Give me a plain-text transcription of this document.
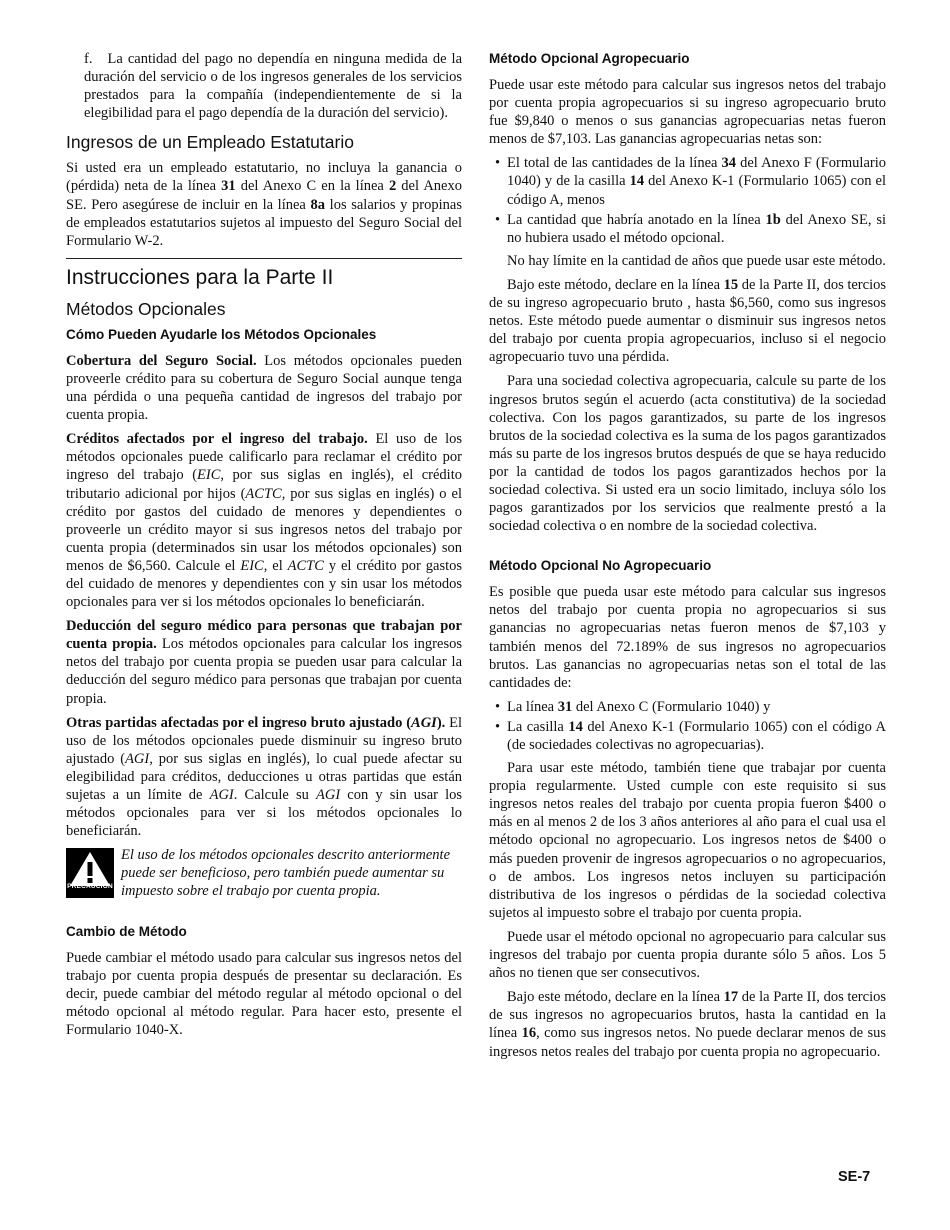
f. La cantidad del pago no dependía en ninguna medida de la duración del servicio o de los ingresos generales de los servicios prestados para la compañía (independientemente de si la elegibilidad para el pago dependía de la duración del servicio).

Ingresos de un Empleado Estatutario

Si usted era un empleado estatutario, no incluya la ganancia o (pérdida) neta de la línea 31 del Anexo C en la línea 2 del Anexo SE. Pero asegúrese de incluir en la línea 8a los salarios y propinas de empleados estatutarios sujetos al impuesto del Seguro Social del Formulario W-2.

Instrucciones para la Parte II
Métodos Opcionales
Cómo Pueden Ayudarle los Métodos Opcionales

Cobertura del Seguro Social. Los métodos opcionales pueden proveerle crédito para su cobertura de Seguro Social aunque tenga una pérdida o una pequeña cantidad de ingresos del trabajo por cuenta propia.

Créditos afectados por el ingreso del trabajo. El uso de los métodos opcionales puede calificarlo para reclamar el crédito por ingreso del trabajo (EIC, por sus siglas en inglés), el crédito tributario adicional por hijos (ACTC, por sus siglas en inglés) o el crédito por gastos del cuidado de menores y dependientes o proveerle un crédito mayor si sus ingresos netos del trabajo por cuenta propia (determinados sin usar los métodos opcionales) son menos de $6,560. Calcule el EIC, el ACTC y el crédito por gastos del cuidado de menores y dependientes con y sin usar los métodos opcionales para ver si los métodos opcionales lo beneficiarán.

Deducción del seguro médico para personas que trabajan por cuenta propia. Los métodos opcionales para calcular los ingresos netos del trabajo por cuenta propia se pueden usar para calcular la deducción del seguro médico para personas que trabajan por cuenta propia.

Otras partidas afectadas por el ingreso bruto ajustado (AGI). El uso de los métodos opcionales puede disminuir su ingreso bruto ajustado (AGI, por sus siglas en inglés), lo cual puede afectar su elegibilidad para créditos, deducciones u otras partidas que están sujetas a un límite de AGI. Calcule su AGI con y sin usar los métodos opcionales para ver si los métodos opcionales lo beneficiarán.

PRECAUCION
El uso de los métodos opcionales descrito anteriormente puede ser beneficioso, pero también puede aumentar su impuesto sobre el trabajo por cuenta propia.
Cambio de Método

Puede cambiar el método usado para calcular sus ingresos netos del trabajo por cuenta propia después de presentar su declaración. Es decir, puede cambiar del método regular al método opcional o del método opcional al método regular. Para hacer esto, presente el Formulario 1040-X.

Método Opcional Agropecuario

Puede usar este método para calcular sus ingresos netos del trabajo por cuenta propia agropecuarios si su ingreso agropecuario bruto fue $9,840 o menos o sus ganancias agropecuarias netas fueron menos de $7,103. Las ganancias agropecuarias netas son:

• El total de las cantidades de la línea 34 del Anexo F (Formulario 1040) y de la casilla 14 del Anexo K-1 (Formulario 1065) con el código A, menos

• La cantidad que habría anotado en la línea 1b del Anexo SE, si no hubiera usado el método opcional.

No hay límite en la cantidad de años que puede usar este método.

Bajo este método, declare en la línea 15 de la Parte II, dos tercios de su ingreso agropecuario bruto , hasta $6,560, como sus ingresos netos. Este método puede aumentar o disminuir sus ingresos netos del trabajo por cuenta propia agropecuarios, incluso si el negocio agropecuario tuvo una pérdida.

Para una sociedad colectiva agropecuaria, calcule su parte de los ingresos brutos según el acuerdo (acta constitutiva) de la sociedad colectiva. Con los pagos garantizados, su parte de los ingresos brutos de la sociedad colectiva es la suma de los pagos garantizados más su parte de los ingresos brutos después de que se haya reducido por la cantidad de todos los pagos garantizados hechos por la sociedad colectiva. Si usted era un socio limitado, incluya sólo los pagos garantizados por los servicios que realmente prestó a la sociedad colectiva o en nombre de la sociedad colectiva.

Método Opcional No Agropecuario

Es posible que pueda usar este método para calcular sus ingresos netos del trabajo por cuenta propia no agropecuarios si sus ganancias no agropecuarias netas fueron menos de $7,103 y también menos del 72.189% de sus ingresos no agropecuarios brutos. Las ganancias no agropecuarias netas son el total de las cantidades de:

• La línea 31 del Anexo C (Formulario 1040) y

• La casilla 14 del Anexo K-1 (Formulario 1065) con el código A (de sociedades colectivas no agropecuarias).

Para usar este método, también tiene que trabajar por cuenta propia regularmente. Usted cumple con este requisito si sus ingresos netos reales del trabajo por cuenta propia fueron $400 o más en al menos 2 de los 3 años anteriores al año para el cual usa el método opcional no agropecuario. Los ingresos netos de $400 o más pueden provenir de ingresos agropecuarios o no agropecuarios, o de ambos. Los ingresos netos incluyen su participación distributiva de los ingresos o pérdidas de la sociedad colectiva sujetos al impuesto sobre el trabajo por cuenta propia.

Puede usar el método opcional no agropecuario para calcular sus ingresos del trabajo por cuenta propia durante sólo 5 años. Los 5 años no tienen que ser consecutivos.

Bajo este método, declare en la línea 17 de la Parte II, dos tercios de sus ingresos no agropecuarios brutos, hasta la cantidad en la línea 16, como sus ingresos netos. No puede declarar menos de sus ingresos netos reales del trabajo por cuenta propia no agropecuario.

SE-7
